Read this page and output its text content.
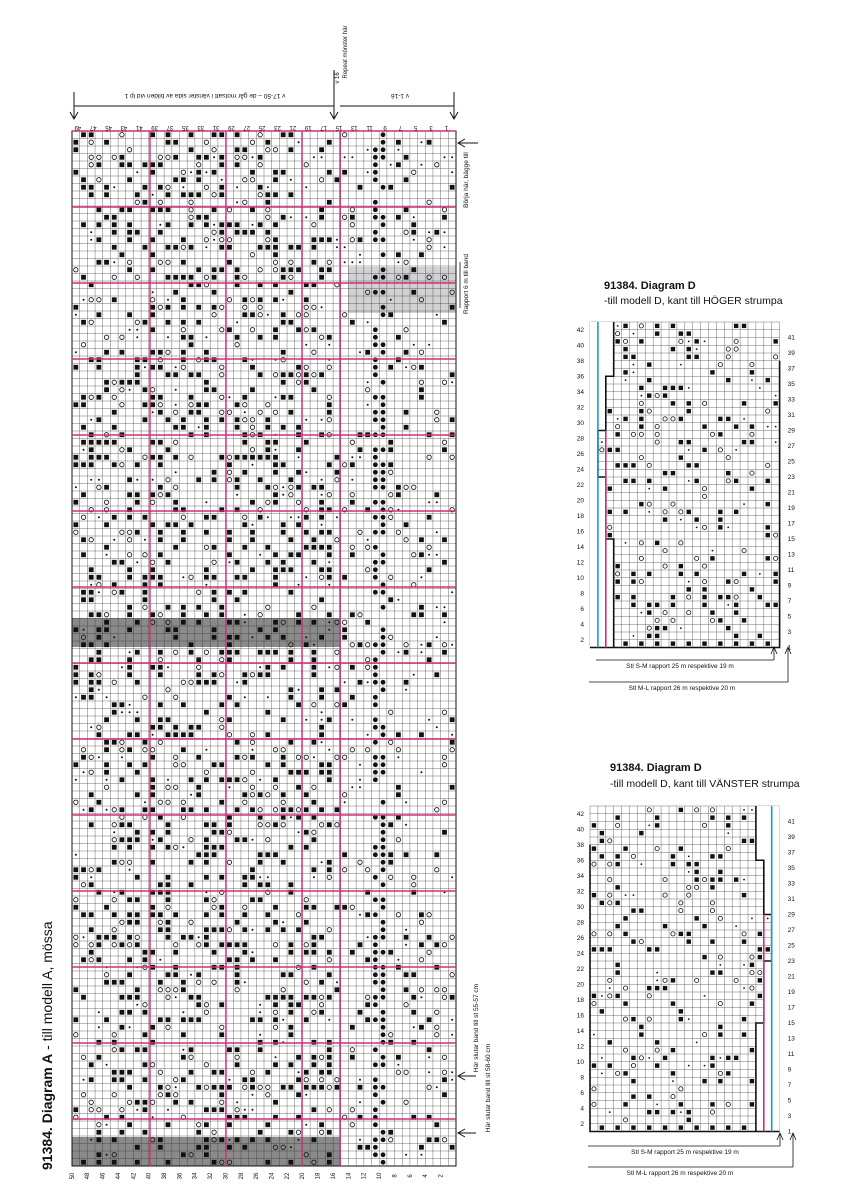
49 47 45 43 41 39 37 35 33 31 29 27 25 23 21 19 17 15 13 11 9 7 5 3 1
50 48 46 44 42 40 38 36 34 32 30 28 26 24 22 20 18 16 14 12 10 8 6 4 2
v 17-50 – de går motsatt i vänster sida av bilden vid lp 1
Repeat mönster här
v 16
v 1-16
Börja här, bägge till
Rapport 6 m till band
Här slutar band till st 55-57 cm
Här slutar band till st 58-60 cm
91384. Diagram A - till modell A, mössa
91384. Diagram D
-till modell D, kant till HÖGER strumpa
42
40
38
36
34
32
30
28
26
24
22
20
18
16
14
12
10
8
6
4
2
41
39
37
35
33
31
29
27
25
23
21
19
17
15
13
11
9
7
5
3
1
Stl S-M rapport 25 m respektive 19 m
Stl M-L rapport 26 m respektive 20 m
91384. Diagram D
-till modell D, kant till VÄNSTER strumpa
42
40
38
36
34
32
30
28
26
24
22
20
18
16
14
12
10
8
6
4
2
41
39
37
35
33
31
29
27
25
23
21
19
17
15
13
11
9
7
5
3
1
Stl S-M rapport 25 m respektive 19 m
Stl M-L rapport 26 m respektive 20 m
